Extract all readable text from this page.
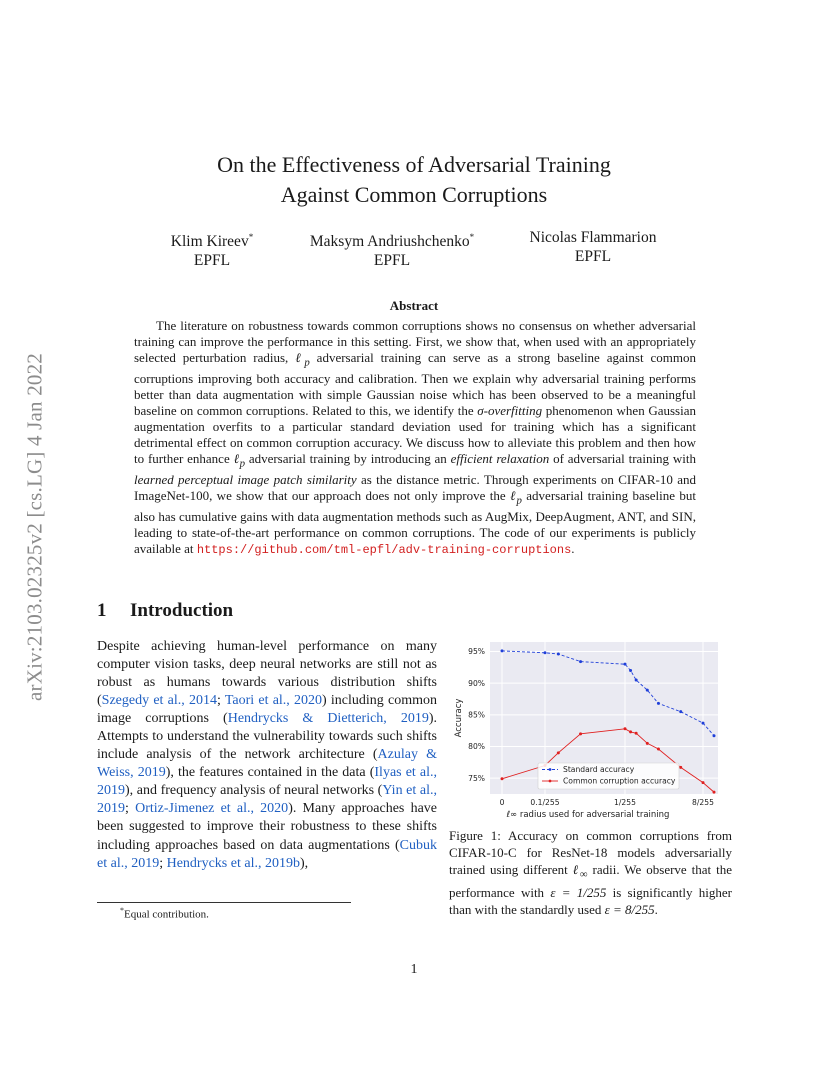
arXiv:2103.02325v2 [cs.LG] 4 Jan 2022
On the Effectiveness of Adversarial Training
Against Common Corruptions
Klim Kireev*
EPFL
Maksym Andriushchenko*
EPFL
Nicolas Flammarion
EPFL
Abstract
The literature on robustness towards common corruptions shows no consensus on whether adversarial training can improve the performance in this setting. First, we show that, when used with an appropriately selected perturbation radius, ℓ$_p$ adversarial training can serve as a strong baseline against common corruptions improving both accuracy and calibration. Then we explain why adversarial training performs better than data augmentation with simple Gaussian noise which has been observed to be a meaningful baseline on common corruptions. Related to this, we identify the σ-overfitting phenomenon when Gaussian augmentation overfits to a particular standard deviation used for training which has a significant detrimental effect on common corruption accuracy. We discuss how to alleviate this problem and then how to further enhance ℓ$_p$ adversarial training by introducing an efficient relaxation of adversarial training with learned perceptual image patch similarity as the distance metric. Through experiments on CIFAR-10 and ImageNet-100, we show that our approach does not only improve the ℓ$_p$ adversarial training baseline but also has cumulative gains with data augmentation methods such as AugMix, DeepAugment, ANT, and SIN, leading to state-of-the-art performance on common corruptions. The code of our experiments is publicly available at https://github.com/tml-epfl/adv-training-corruptions.
1 Introduction
Despite achieving human-level performance on many computer vision tasks, deep neural networks are still not as robust as humans towards various distribution shifts (Szegedy et al., 2014; Taori et al., 2020) including common image corruptions (Hendrycks & Dietterich, 2019). Attempts to understand the vulnerability towards such shifts include analysis of the network architecture (Azulay & Weiss, 2019), the features contained in the data (Ilyas et al., 2019), and frequency analysis of neural networks (Yin et al., 2019; Ortiz-Jimenez et al., 2020). Many approaches have been suggested to improve their robustness to these shifts including approaches based on data augmentations (Cubuk et al., 2019; Hendrycks et al., 2019b),
*Equal contribution.
75%
80%
85%
90%
95%
0	0.1/255	1/255	8/255
Standard accuracy
Common corruption accuracy
Accuracy
ℓ∞ radius used for adversarial training
Figure 1: Accuracy on common corruptions from CIFAR-10-C for ResNet-18 models adversarially trained using different ℓ$_\infty$ radii. We observe that the performance with ε = 1/255 is significantly higher than with the standardly used ε = 8/255.
1
